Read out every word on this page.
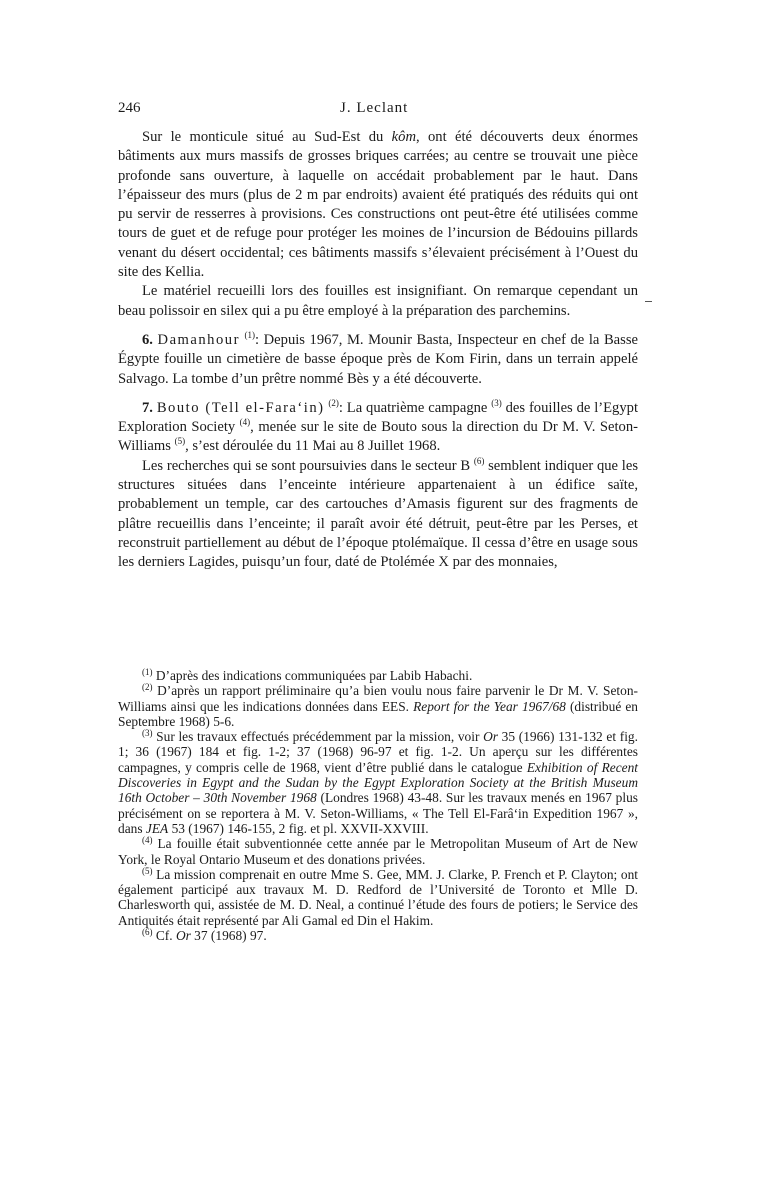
246	J. Leclant

Sur le monticule situé au Sud-Est du kôm, ont été découverts deux énormes bâtiments aux murs massifs de grosses briques carrées; au centre se trouvait une pièce profonde sans ouverture, à laquelle on accédait probablement par le haut. Dans l’épaisseur des murs (plus de 2 m par endroits) avaient été pratiqués des réduits qui ont pu servir de resserres à provisions. Ces constructions ont peut-être été utilisées comme tours de guet et de refuge pour protéger les moines de l’incursion de Bédouins pillards venant du désert occidental; ces bâtiments massifs s’élevaient précisément à l’Ouest du site des Kellia.

Le matériel recueilli lors des fouilles est insignifiant. On remarque cependant un beau polissoir en silex qui a pu être employé à la préparation des parchemins.

6. Damanhour $^{(1)}$: Depuis 1967, M. Mounir Basta, Inspecteur en chef de la Basse Égypte fouille un cimetière de basse époque près de Kom Firin, dans un terrain appelé Salvago. La tombe d’un prêtre nommé Bès y a été découverte.

7. Bouto (Tell el-Fara‘in) $^{(2)}$: La quatrième campagne $^{(3)}$ des fouilles de l’Egypt Exploration Society $^{(4)}$, menée sur le site de Bouto sous la direction du Dr M. V. Seton-Williams $^{(5)}$, s’est déroulée du 11 Mai au 8 Juillet 1968.

Les recherches qui se sont poursuivies dans le secteur B $^{(6)}$ semblent indiquer que les structures situées dans l’enceinte intérieure appartenaient à un édifice saïte, probablement un temple, car des cartouches d’Amasis figurent sur des fragments de plâtre recueillis dans l’enceinte; il paraît avoir été détruit, peut-être par les Perses, et reconstruit partiellement au début de l’époque ptolémaïque. Il cessa d’être en usage sous les derniers Lagides, puisqu’un four, daté de Ptolémée X par des monnaies,

$^{(1)}$ D’après des indications communiquées par Labib Habachi.

$^{(2)}$ D’après un rapport préliminaire qu’a bien voulu nous faire parvenir le Dr M. V. Seton-Williams ainsi que les indications données dans EES. Report for the Year 1967/68 (distribué en Septembre 1968) 5-6.

$^{(3)}$ Sur les travaux effectués précédemment par la mission, voir Or 35 (1966) 131-132 et fig. 1; 36 (1967) 184 et fig. 1-2; 37 (1968) 96-97 et fig. 1-2. Un aperçu sur les différentes campagnes, y compris celle de 1968, vient d’être publié dans le catalogue Exhibition of Recent Discoveries in Egypt and the Sudan by the Egypt Exploration Society at the British Museum 16th October – 30th November 1968 (Londres 1968) 43-48. Sur les travaux menés en 1967 plus précisément on se reportera à M. V. Seton-Williams, « The Tell El-Farâ‘in Expedition 1967 », dans JEA 53 (1967) 146-155, 2 fig. et pl. XXVII-XXVIII.

$^{(4)}$ La fouille était subventionnée cette année par le Metropolitan Museum of Art de New York, le Royal Ontario Museum et des donations privées.

$^{(5)}$ La mission comprenait en outre Mme S. Gee, MM. J. Clarke, P. French et P. Clayton; ont également participé aux travaux M. D. Redford de l’Université de Toronto et Mlle D. Charlesworth qui, assistée de M. D. Neal, a continué l’étude des fours de potiers; le Service des Antiquités était représenté par Ali Gamal ed Din el Hakim.

$^{(6)}$ Cf. Or 37 (1968) 97.
